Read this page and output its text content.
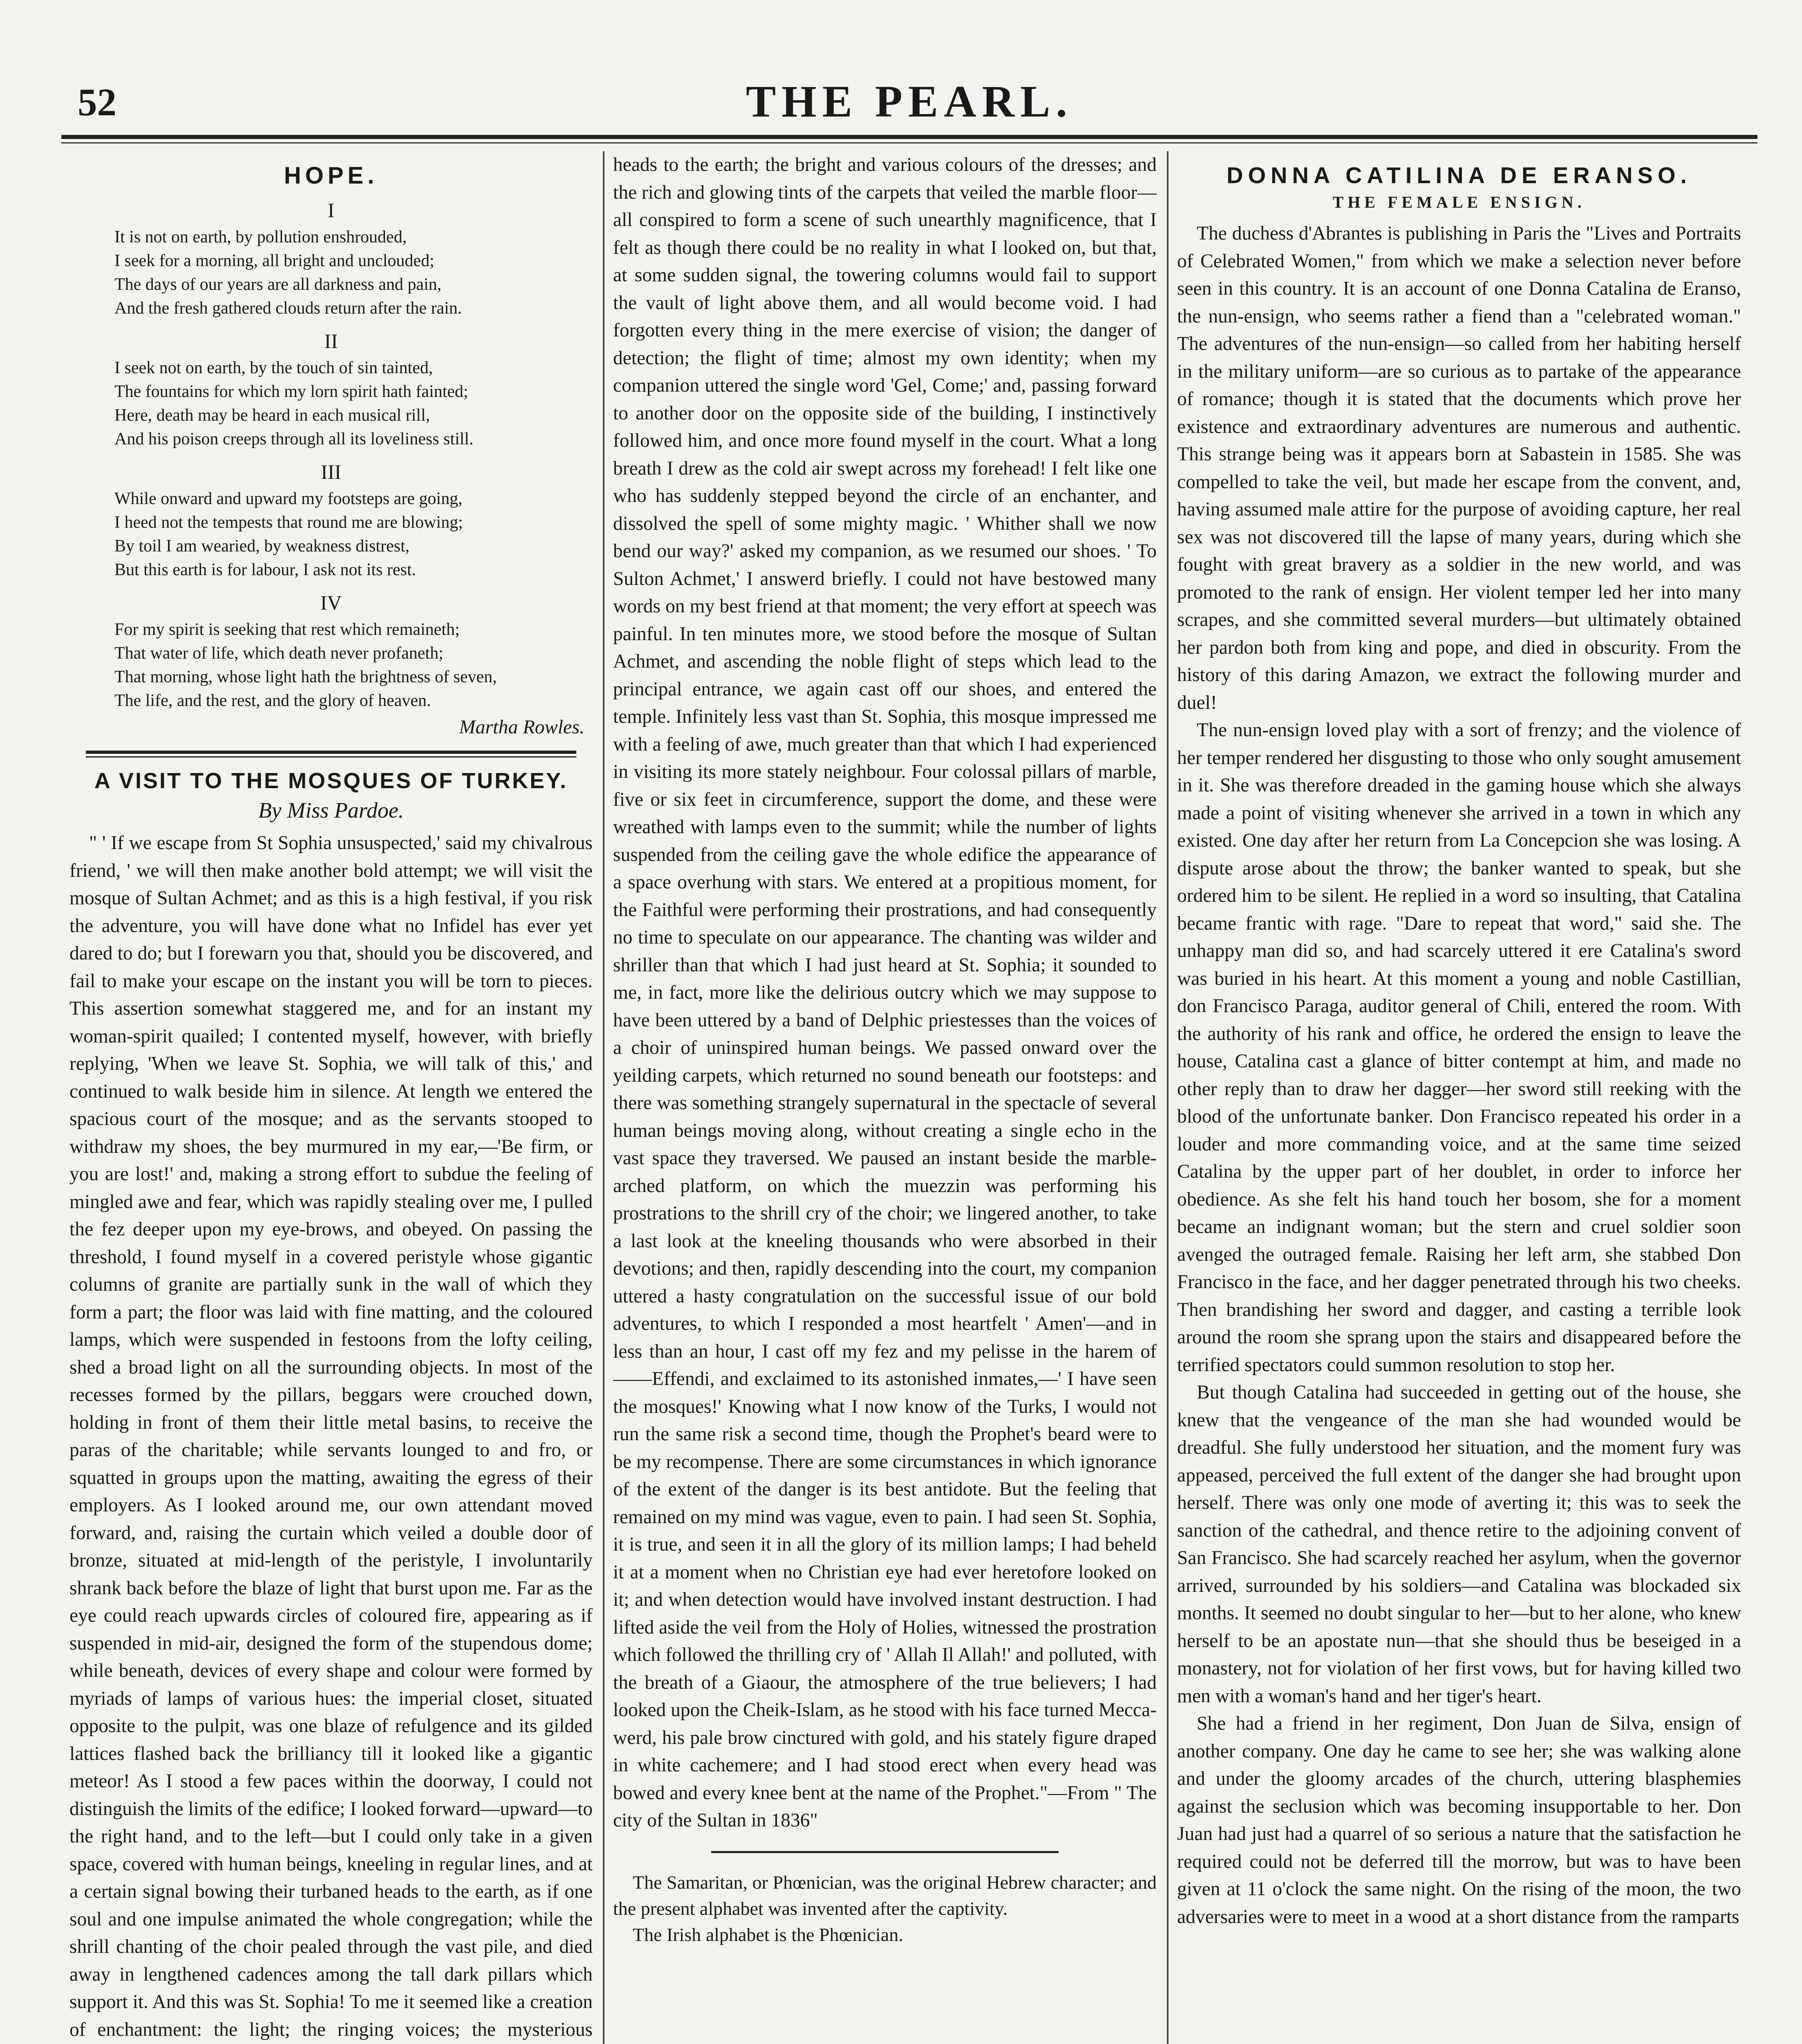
THE PEARL.
52
HOPE.
I
It is not on earth, by pollution enshrouded,
I seek for a morning, all bright and unclouded;
The days of our years are all darkness and pain,
And the fresh gathered clouds return after the rain.
II
I seek not on earth, by the touch of sin tainted,
The fountains for which my lorn spirit hath fainted;
Here, death may be heard in each musical rill,
And his poison creeps through all its loveliness still.
III
While onward and upward my footsteps are going,
I heed not the tempests that round me are blowing;
By toil I am wearied, by weakness distrest,
But this earth is for labour, I ask not its rest.
IV
For my spirit is seeking that rest which remaineth;
That water of life, which death never profaneth;
That morning, whose light hath the brightness of seven,
The life, and the rest, and the glory of heaven.
Martha Rowles.
A VISIT TO THE MOSQUES OF TURKEY.
By Miss Pardoe.

" ' If we escape from St Sophia unsuspected,' said my chivalrous friend, ' we will then make another bold attempt; we will visit the mosque of Sultan Achmet; and as this is a high festival, if you risk the adventure, you will have done what no Infidel has ever yet dared to do; but I forewarn you that, should you be discovered, and fail to make your escape on the instant you will be torn to pieces. This assertion somewhat staggered me, and for an instant my woman-spirit quailed; I contented myself, however, with briefly replying, 'When we leave St. Sophia, we will talk of this,' and continued to walk beside him in silence. At length we entered the spacious court of the mosque; and as the servants stooped to withdraw my shoes, the bey murmured in my ear,—'Be firm, or you are lost!' and, making a strong effort to subdue the feeling of mingled awe and fear, which was rapidly stealing over me, I pulled the fez deeper upon my eye-brows, and obeyed. On passing the threshold, I found myself in a covered peristyle whose gigantic columns of granite are partially sunk in the wall of which they form a part; the floor was laid with fine matting, and the coloured lamps, which were suspended in festoons from the lofty ceiling, shed a broad light on all the surrounding objects. In most of the recesses formed by the pillars, beggars were crouched down, holding in front of them their little metal basins, to receive the paras of the charitable; while servants lounged to and fro, or squatted in groups upon the matting, awaiting the egress of their employers. As I looked around me, our own attendant moved forward, and, raising the curtain which veiled a double door of bronze, situated at mid-length of the peristyle, I involuntarily shrank back before the blaze of light that burst upon me. Far as the eye could reach upwards circles of coloured fire, appearing as if suspended in mid-air, designed the form of the stupendous dome; while beneath, devices of every shape and colour were formed by myriads of lamps of various hues: the imperial closet, situated opposite to the pulpit, was one blaze of refulgence and its gilded lattices flashed back the brilliancy till it looked like a gigantic meteor! As I stood a few paces within the doorway, I could not distinguish the limits of the edifice; I looked forward—upward—to the right hand, and to the left—but I could only take in a given space, covered with human beings, kneeling in regular lines, and at a certain signal bowing their turbaned heads to the earth, as if one soul and one impulse animated the whole congregation; while the shrill chanting of the choir pealed through the vast pile, and died away in lengthened cadences among the tall dark pillars which support it. And this was St. Sophia! To me it seemed like a creation of enchantment: the light; the ringing voices; the mysterious

heads to the earth; the bright and various colours of the dresses; and the rich and glowing tints of the carpets that veiled the marble floor—all conspired to form a scene of such unearthly magnificence, that I felt as though there could be no reality in what I looked on, but that, at some sudden signal, the towering columns would fail to support the vault of light above them, and all would become void. I had forgotten every thing in the mere exercise of vision; the danger of detection; the flight of time; almost my own identity; when my companion uttered the single word 'Gel, Come;' and, passing forward to another door on the opposite side of the building, I instinctively followed him, and once more found myself in the court. What a long breath I drew as the cold air swept across my forehead! I felt like one who has suddenly stepped beyond the circle of an enchanter, and dissolved the spell of some mighty magic. ' Whither shall we now bend our way?' asked my companion, as we resumed our shoes. ' To Sulton Achmet,' I answerd briefly. I could not have bestowed many words on my best friend at that moment; the very effort at speech was painful. In ten minutes more, we stood before the mosque of Sultan Achmet, and ascending the noble flight of steps which lead to the principal entrance, we again cast off our shoes, and entered the temple. Infinitely less vast than St. Sophia, this mosque impressed me with a feeling of awe, much greater than that which I had experienced in visiting its more stately neighbour. Four colossal pillars of marble, five or six feet in circumference, support the dome, and these were wreathed with lamps even to the summit; while the number of lights suspended from the ceiling gave the whole edifice the appearance of a space overhung with stars. We entered at a propitious moment, for the Faithful were performing their prostrations, and had consequently no time to speculate on our appearance. The chanting was wilder and shriller than that which I had just heard at St. Sophia; it sounded to me, in fact, more like the delirious outcry which we may suppose to have been uttered by a band of Delphic priestesses than the voices of a choir of uninspired human beings. We passed onward over the yeilding carpets, which returned no sound beneath our footsteps: and there was something strangely supernatural in the spectacle of several human beings moving along, without creating a single echo in the vast space they traversed. We paused an instant beside the marble-arched platform, on which the muezzin was performing his prostrations to the shrill cry of the choir; we lingered another, to take a last look at the kneeling thousands who were absorbed in their devotions; and then, rapidly descending into the court, my companion uttered a hasty congratulation on the successful issue of our bold adventures, to which I responded a most heartfelt ' Amen'—and in less than an hour, I cast off my fez and my pelisse in the harem of——Effendi, and exclaimed to its astonished inmates,—' I have seen the mosques!' Knowing what I now know of the Turks, I would not run the same risk a second time, though the Prophet's beard were to be my recompense. There are some circumstances in which ignorance of the extent of the danger is its best antidote. But the feeling that remained on my mind was vague, even to pain. I had seen St. Sophia, it is true, and seen it in all the glory of its million lamps; I had beheld it at a moment when no Christian eye had ever heretofore looked on it; and when detection would have involved instant destruction. I had lifted aside the veil from the Holy of Holies, witnessed the prostration which followed the thrilling cry of ' Allah Il Allah!' and polluted, with the breath of a Giaour, the atmosphere of the true believers; I had looked upon the Cheik-Islam, as he stood with his face turned Mecca-werd, his pale brow cinctured with gold, and his stately figure draped in white cachemere; and I had stood erect when every head was bowed and every knee bent at the name of the Prophet."—From " The city of the Sultan in 1836"

The Samaritan, or Phœnician, was the original Hebrew character; and the present alphabet was invented after the captivity.

The Irish alphabet is the Phœnician.

DONNA CATILINA DE ERANSO.
THE FEMALE ENSIGN.

The duchess d'Abrantes is publishing in Paris the "Lives and Portraits of Celebrated Women," from which we make a selection never before seen in this country. It is an account of one Donna Catalina de Eranso, the nun-ensign, who seems rather a fiend than a "celebrated woman." The adventures of the nun-ensign—so called from her habiting herself in the military uniform—are so curious as to partake of the appearance of romance; though it is stated that the documents which prove her existence and extraordinary adventures are numerous and authentic. This strange being was it appears born at Sabastein in 1585. She was compelled to take the veil, but made her escape from the convent, and, having assumed male attire for the purpose of avoiding capture, her real sex was not discovered till the lapse of many years, during which she fought with great bravery as a soldier in the new world, and was promoted to the rank of ensign. Her violent temper led her into many scrapes, and she committed several murders—but ultimately obtained her pardon both from king and pope, and died in obscurity. From the history of this daring Amazon, we extract the following murder and duel!

The nun-ensign loved play with a sort of frenzy; and the violence of her temper rendered her disgusting to those who only sought amusement in it. She was therefore dreaded in the gaming house which she always made a point of visiting whenever she arrived in a town in which any existed. One day after her return from La Concepcion she was losing. A dispute arose about the throw; the banker wanted to speak, but she ordered him to be silent. He replied in a word so insulting, that Catalina became frantic with rage. "Dare to repeat that word," said she. The unhappy man did so, and had scarcely uttered it ere Catalina's sword was buried in his heart. At this moment a young and noble Castillian, don Francisco Paraga, auditor general of Chili, entered the room. With the authority of his rank and office, he ordered the ensign to leave the house, Catalina cast a glance of bitter contempt at him, and made no other reply than to draw her dagger—her sword still reeking with the blood of the unfortunate banker. Don Francisco repeated his order in a louder and more commanding voice, and at the same time seized Catalina by the upper part of her doublet, in order to inforce her obedience. As she felt his hand touch her bosom, she for a moment became an indignant woman; but the stern and cruel soldier soon avenged the outraged female. Raising her left arm, she stabbed Don Francisco in the face, and her dagger penetrated through his two cheeks. Then brandishing her sword and dagger, and casting a terrible look around the room she sprang upon the stairs and disappeared before the terrified spectators could summon resolution to stop her.

But though Catalina had succeeded in getting out of the house, she knew that the vengeance of the man she had wounded would be dreadful. She fully understood her situation, and the moment fury was appeased, perceived the full extent of the danger she had brought upon herself. There was only one mode of averting it; this was to seek the sanction of the cathedral, and thence retire to the adjoining convent of San Francisco. She had scarcely reached her asylum, when the governor arrived, surrounded by his soldiers—and Catalina was blockaded six months. It seemed no doubt singular to her—but to her alone, who knew herself to be an apostate nun—that she should thus be beseiged in a monastery, not for violation of her first vows, but for having killed two men with a woman's hand and her tiger's heart.

She had a friend in her regiment, Don Juan de Silva, ensign of another company. One day he came to see her; she was walking alone and under the gloomy arcades of the church, uttering blasphemies against the seclusion which was becoming insupportable to her. Don Juan had just had a quarrel of so serious a nature that the satisfaction he required could not be deferred till the morrow, but was to have been given at 11 o'clock the same night. On the rising of the moon, the two adversaries were to meet in a wood at a short distance from the ramparts
